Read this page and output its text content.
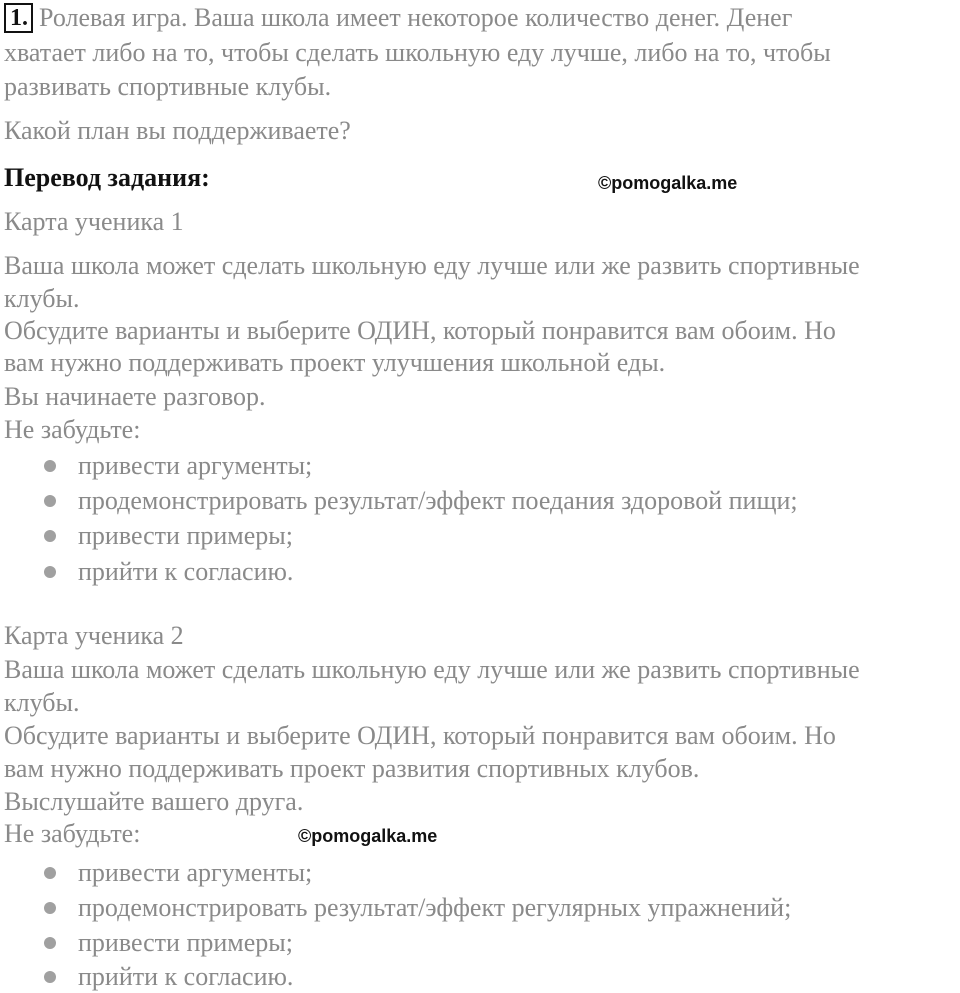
1. Ролевая игра. Ваша школа имеет некоторое количество денег. Денег
хватает либо на то, чтобы сделать школьную еду лучше, либо на то, чтобы
развивать спортивные клубы.
Какой план вы поддерживаете?
Перевод задания:	©pomogalka.me
Карта ученика 1
Ваша школа может сделать школьную еду лучше или же развить спортивные
клубы.
Обсудите варианты и выберите ОДИН, который понравится вам обоим. Но
вам нужно поддерживать проект улучшения школьной еды.
Вы начинаете разговор.
Не забудьте:
привести аргументы;
продемонстрировать результат/эффект поедания здоровой пищи;
привести примеры;
прийти к согласию.
Карта ученика 2
Ваша школа может сделать школьную еду лучше или же развить спортивные
клубы.
Обсудите варианты и выберите ОДИН, который понравится вам обоим. Но
вам нужно поддерживать проект развития спортивных клубов.
Выслушайте вашего друга.
Не забудьте:	©pomogalka.me
привести аргументы;
продемонстрировать результат/эффект регулярных упражнений;
привести примеры;
прийти к согласию.
